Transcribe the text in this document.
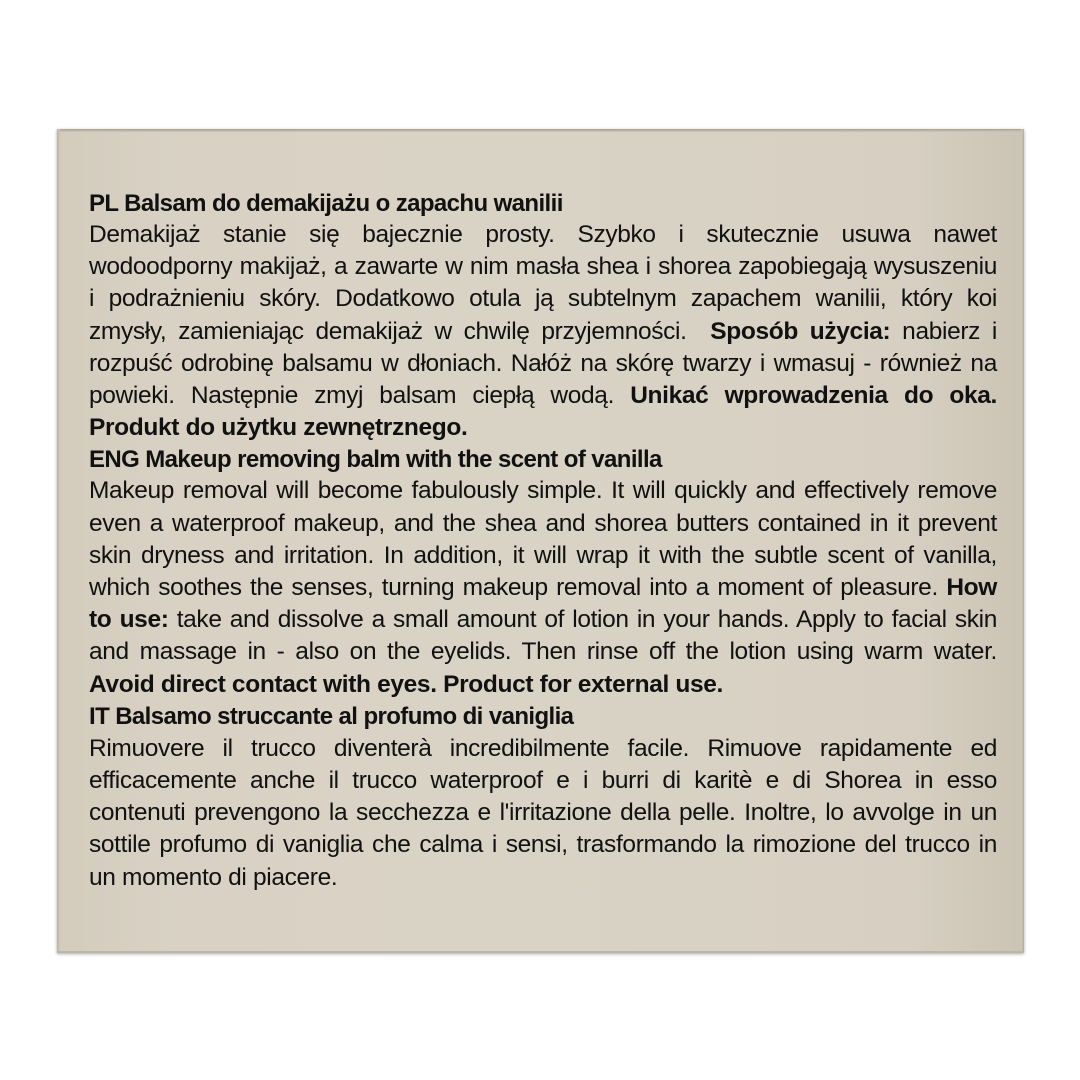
PL Balsam do demakijażu o zapachu wanilii

Demakijaż stanie się bajecznie prosty. Szybko i skutecznie usuwa nawet wodoodporny makijaż, a zawarte w nim masła shea i shorea zapobiegają wysuszeniu i podrażnieniu skóry. Dodatkowo otula ją subtelnym zapachem wanilii, który koi zmysły, zamieniając demakijaż w chwilę przyjemności. Sposób użycia: nabierz i rozpuść odrobinę balsamu w dłoniach. Nałóż na skórę twarzy i wmasuj - również na powieki. Następnie zmyj balsam ciepłą wodą. Unikać wprowadzenia do oka. Produkt do użytku zewnętrznego.

ENG Makeup removing balm with the scent of vanilla

Makeup removal will become fabulously simple. It will quickly and effectively remove even a waterproof makeup, and the shea and shorea butters contained in it prevent skin dryness and irritation. In addition, it will wrap it with the subtle scent of vanilla, which soothes the senses, turning makeup removal into a moment of pleasure. How to use: take and dissolve a small amount of lotion in your hands. Apply to facial skin and massage in - also on the eyelids. Then rinse off the lotion using warm water. Avoid direct contact with eyes. Product for external use.

IT Balsamo struccante al profumo di vaniglia

Rimuovere il trucco diventerà incredibilmente facile. Rimuove rapidamente ed efficacemente anche il trucco waterproof e i burri di karitè e di Shorea in esso contenuti prevengono la secchezza e l'irritazione della pelle. Inoltre, lo avvolge in un sottile profumo di vaniglia che calma i sensi, trasformando la rimozione del trucco in un momento di piacere.
